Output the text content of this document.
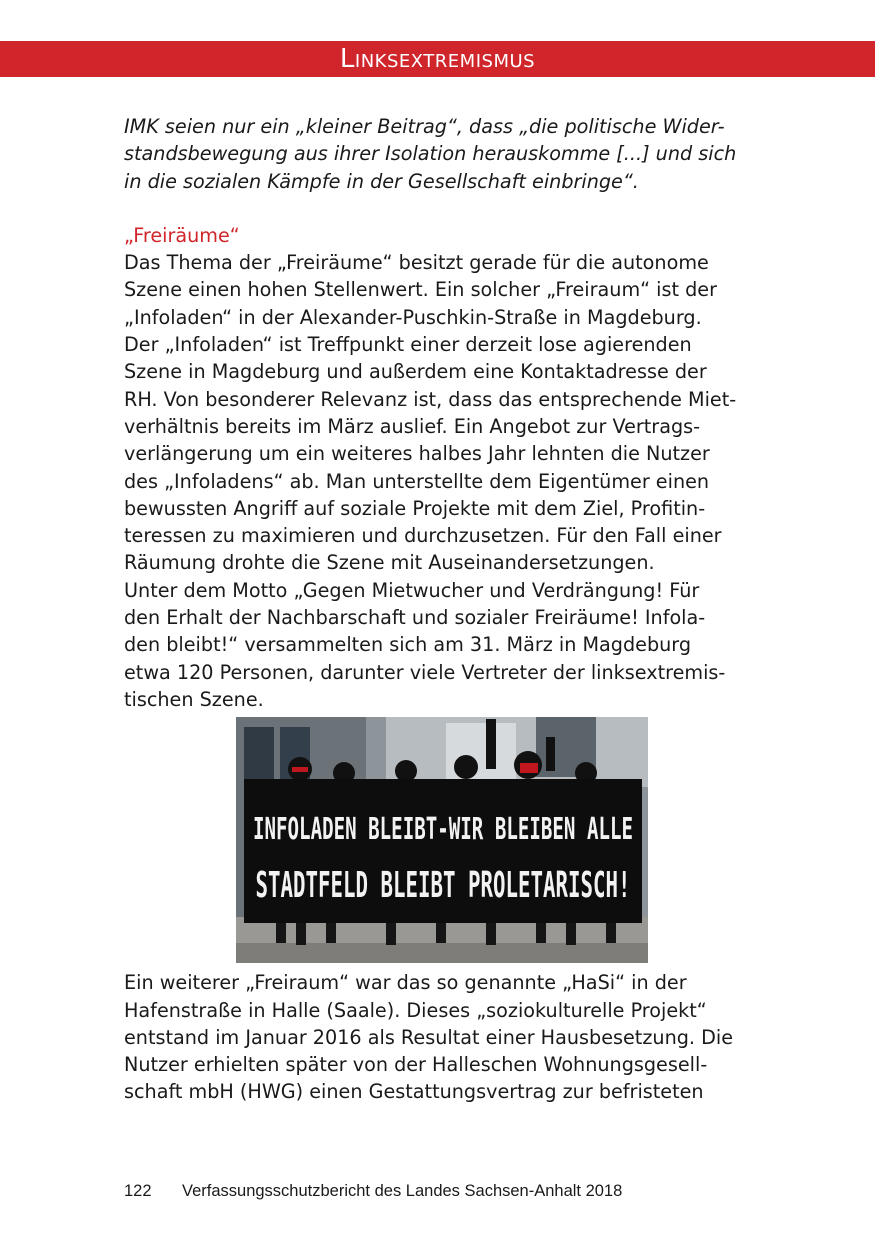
Linksextremismus

IMK seien nur ein „kleiner Beitrag“, dass „die politische Wider-
standsbewegung aus ihrer Isolation herauskomme [...] und sich
in die sozialen Kämpfe in der Gesellschaft einbringe“.

„Freiräume“

Das Thema der „Freiräume“ besitzt gerade für die autonome
Szene einen hohen Stellenwert. Ein solcher „Freiraum“ ist der
„Infoladen“ in der Alexander-Puschkin-Straße in Magdeburg.
Der „Infoladen“ ist Treffpunkt einer derzeit lose agierenden
Szene in Magdeburg und außerdem eine Kontaktadresse der
RH. Von besonderer Relevanz ist, dass das entsprechende Miet-
verhältnis bereits im März auslief. Ein Angebot zur Vertrags-
verlängerung um ein weiteres halbes Jahr lehnten die Nutzer
des „Infoladens“ ab. Man unterstellte dem Eigentümer einen
bewussten Angriff auf soziale Projekte mit dem Ziel, Profitin-
teressen zu maximieren und durchzusetzen. Für den Fall einer
Räumung drohte die Szene mit Auseinandersetzungen.
Unter dem Motto „Gegen Mietwucher und Verdrängung! Für
den Erhalt der Nachbarschaft und sozialer Freiräume! Infola-
den bleibt!“ versammelten sich am 31. März in Magdeburg
etwa 120 Personen, darunter viele Vertreter der linksextremis-
tischen Szene.

INFOLADEN BLEIBT-WIR BLEIBEN ALLE
STADTFELD BLEIBT PROLETARISCH!

Ein weiterer „Freiraum“ war das so genannte „HaSi“ in der
Hafenstraße in Halle (Saale). Dieses „soziokulturelle Projekt“
entstand im Januar 2016 als Resultat einer Hausbesetzung. Die
Nutzer erhielten später von der Halleschen Wohnungsgesell-
schaft mbH (HWG) einen Gestattungsvertrag zur befristeten

122 Verfassungsschutzbericht des Landes Sachsen-Anhalt 2018
